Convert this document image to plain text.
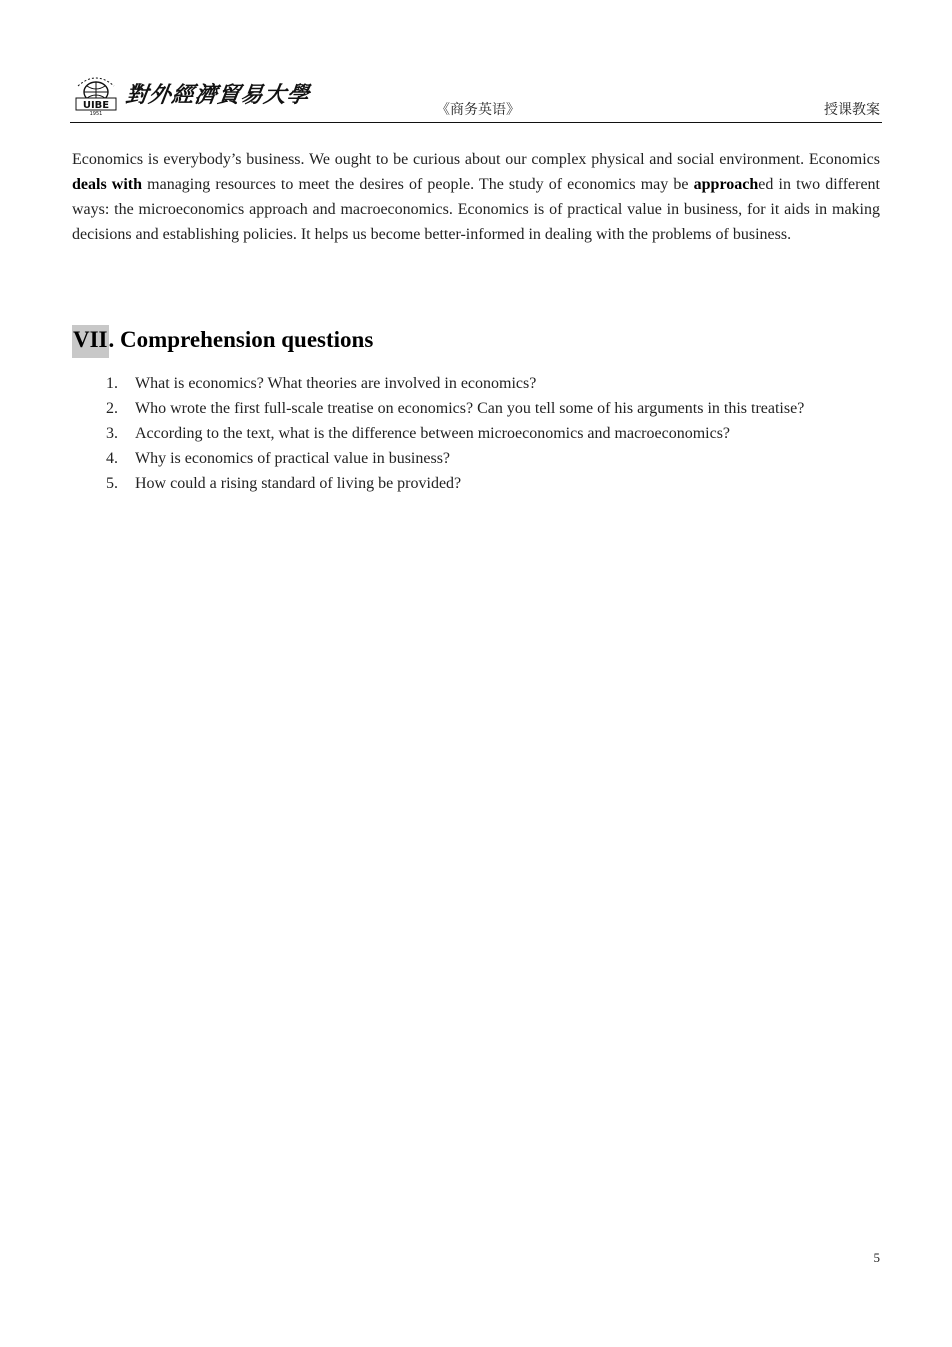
UIBE
1951
對外經濟貿易大學
《商务英语》	授课教案

Economics is everybody’s business. We ought to be curious about our complex physical and social environment. Economics deals with managing resources to meet the desires of people. The study of economics may be approached in two different ways: the microeconomics approach and macroeconomics. Economics is of practical value in business, for it aids in making decisions and establishing policies. It helps us become better-informed in dealing with the problems of business.

VII. Comprehension questions
1. What is economics? What theories are involved in economics?
2. Who wrote the first full-scale treatise on economics? Can you tell some of his arguments in this treatise?
3. According to the text, what is the difference between microeconomics and macroeconomics?
4. Why is economics of practical value in business?
5. How could a rising standard of living be provided?
5
